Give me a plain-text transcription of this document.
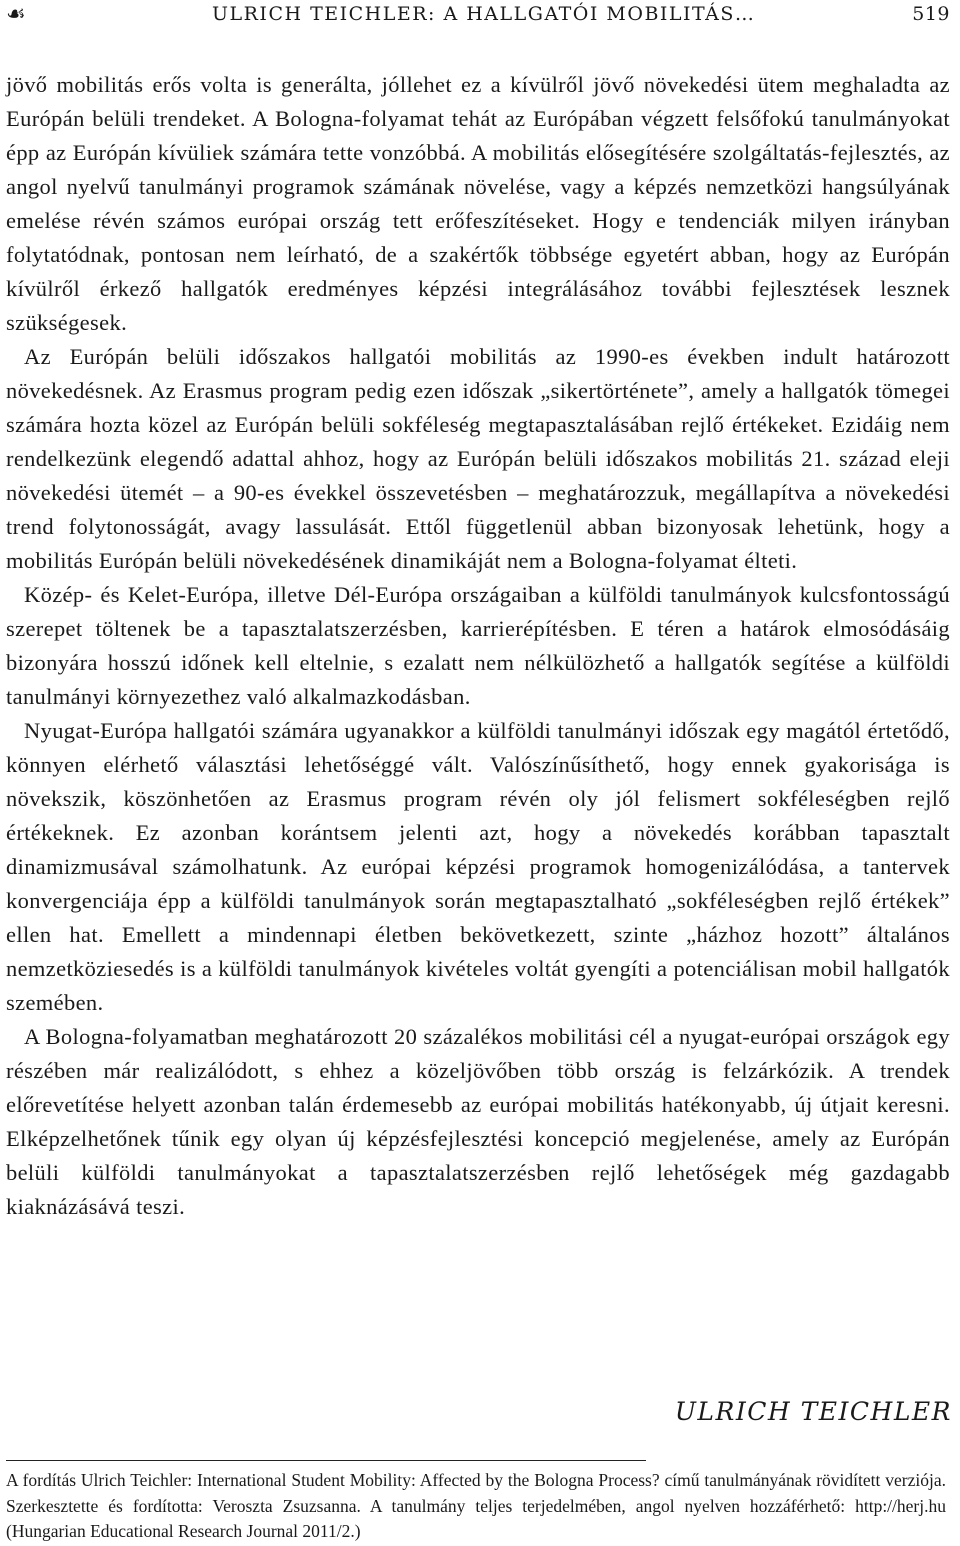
☙	ULRICH TEICHLER: A HALLGATÓI MOBILITÁS…	519

jövő mobilitás erős volta is generálta, jóllehet ez a kívülről jövő növekedési ütem meghaladta az Európán belüli trendeket. A Bologna-folyamat tehát az Európában végzett felsőfokú tanulmányokat épp az Európán kívüliek számára tette vonzóbbá. A mobilitás elősegítésére szolgáltatás-fejlesztés, az angol nyelvű tanulmányi programok számának növelése, vagy a képzés nemzetközi hangsúlyának emelése révén számos európai ország tett erőfeszítéseket. Hogy e tendenciák milyen irányban folytatódnak, pontosan nem leírható, de a szakértők többsége egyetért abban, hogy az Európán kívülről érkező hallgatók eredményes képzési integrálásához további fejlesztések lesznek szükségesek.

Az Európán belüli időszakos hallgatói mobilitás az 1990-es években indult határozott növekedésnek. Az Erasmus program pedig ezen időszak „sikertörténete”, amely a hallgatók tömegei számára hozta közel az Európán belüli sokféleség megtapasztalásában rejlő értékeket. Ezidáig nem rendelkezünk elegendő adattal ahhoz, hogy az Európán belüli időszakos mobilitás 21. század eleji növekedési ütemét – a 90-es évekkel összevetésben – meghatározzuk, megállapítva a növekedési trend folytonosságát, avagy lassulását. Ettől függetlenül abban bizonyosak lehetünk, hogy a mobilitás Európán belüli növekedésének dinamikáját nem a Bologna-folyamat élteti.

Közép- és Kelet-Európa, illetve Dél-Európa országaiban a külföldi tanulmányok kulcsfontosságú szerepet töltenek be a tapasztalatszerzésben, karrierépítésben. E téren a határok elmosódásáig bizonyára hosszú időnek kell eltelnie, s ezalatt nem nélkülözhető a hallgatók segítése a külföldi tanulmányi környezethez való alkalmazkodásban.

Nyugat-Európa hallgatói számára ugyanakkor a külföldi tanulmányi időszak egy magától értetődő, könnyen elérhető választási lehetőséggé vált. Valószínűsíthető, hogy ennek gyakorisága is növekszik, köszönhetően az Erasmus program révén oly jól felismert sokféleségben rejlő értékeknek. Ez azonban korántsem jelenti azt, hogy a növekedés korábban tapasztalt dinamizmusával számolhatunk. Az európai képzési programok homogenizálódása, a tantervek konvergenciája épp a külföldi tanulmányok során megtapasztalható „sokféleségben rejlő értékek” ellen hat. Emellett a mindennapi életben bekövetkezett, szinte „házhoz hozott” általános nemzetköziesedés is a külföldi tanulmányok kivételes voltát gyengíti a potenciálisan mobil hallgatók szemében.

A Bologna-folyamatban meghatározott 20 százalékos mobilitási cél a nyugat-európai országok egy részében már realizálódott, s ehhez a közeljövőben több ország is felzárkózik. A trendek előrevetítése helyett azonban talán érdemesebb az európai mobilitás hatékonyabb, új útjait keresni. Elképzelhetőnek tűnik egy olyan új képzésfejlesztési koncepció megjelenése, amely az Európán belüli külföldi tanulmányokat a tapasztalatszerzésben rejlő lehetőségek még gazdagabb kiaknázásává teszi.

ULRICH TEICHLER
A fordítás Ulrich Teichler: International Student Mobility: Affected by the Bologna Process? című tanulmányának rövidített verziója. Szerkesztette és fordította: Veroszta Zsuzsanna. A tanulmány teljes terjedelmében, angol nyelven hozzáférhető: http://herj.hu (Hungarian Educational Research Journal 2011/2.)
